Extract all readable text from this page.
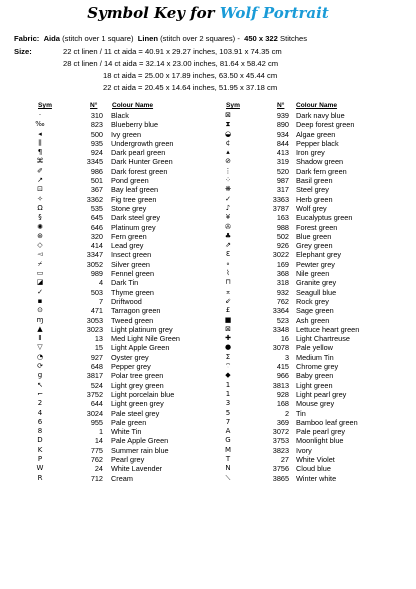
Symbol Key for Wolf Portrait
Fabric: Aida (stitch over 1 square) Linen (stitch over 2 squares) - 450 x 322 Stitches
Size:	22 ct linen / 11 ct aida = 40.91 x 29.27 inches, 103.91 x 74.35 cm
28 ct linen / 14 ct aida = 32.14 x 23.00 inches, 81.64 x 58.42 cm
18 ct aida = 25.00 x 17.89 inches, 63.50 x 45.44 cm
22 ct aida = 20.45 x 14.64 inches, 51.95 x 37.18 cm
Sym	N° Colour Name	Sym	N° Colour Name
·	310 Black
‰	823 Blueberry blue
◂	500 Ivy green
⫼	935 Undergrowth green
¶	924 Dark pearl green
⌘	3345 Dark Hunter Green
✐	986 Dark forest green
↗	501 Pond green
⊡	367 Bay leaf green
✧	3362 Fig tree green
Ω	535 Stone grey
§	645 Dark steel grey
✺	646 Platinum grey
⊛	320 Fern green
◇	414 Lead grey
◅	3347 Insect green
⌿	3052 Silver green
▭	989 Fennel green
◪	4 Dark Tin
✓	503 Thyme green
▪	7 Driftwood
⊙	471 Tarragon green
ɱ	3053 Tweed green
▲	3023 Light platinum grey
Ⅱ	13 Med Light Nile Green
▽	15 Light Apple Green
◔	927 Oyster grey
⟳	648 Pepper grey
g	3817 Polar tree green
↖	524 Light grey green
⌐	3752 Light porcelain blue
2	644 Light green grey
4	3024 Pale steel grey
6	955 Pale green
8	1 White Tin
D	14 Pale Apple Green
K	775 Summer rain blue
P	762 Pearl grey
W	24 White Lavender
R	712 Cream
⊠	939 Dark navy blue
⧗	890 Deep forest green
◒	934 Algae green
¢	844 Pepper black
▴	413 Iron grey
⊘	319 Shadow green
⋮	520 Dark fern green
⁘	987 Basil green
❋	317 Steel grey
✓	3363 Herb green
♪	3787 Wolf grey
¥	163 Eucalyptus green
✇	988 Forest green
♣	502 Blue green
⇗	926 Grey green
Ɛ	3022 Elephant grey
∘	169 Pewter grey
⌇	368 Nile green
⊓	318 Granite grey
⌅	932 Seagull blue
⇙	762 Rock grey
£	3364 Sage green
■	523 Ash green
⊠	3348 Lettuce heart green
✚	16 Light Chartreuse
●	3078 Pale yellow
Σ	3 Medium Tin
⌔	415 Chrome grey
◆	966 Baby green
1	3813 Light green
1	928 Light pearl grey
3	168 Mouse grey
5	2 Tin
7	369 Bamboo leaf green
A	3072 Pale pearl grey
G	3753 Moonlight blue
M	3823 Ivory
T	27 White Violet
N	3756 Cloud blue
⟍	3865 Winter white
